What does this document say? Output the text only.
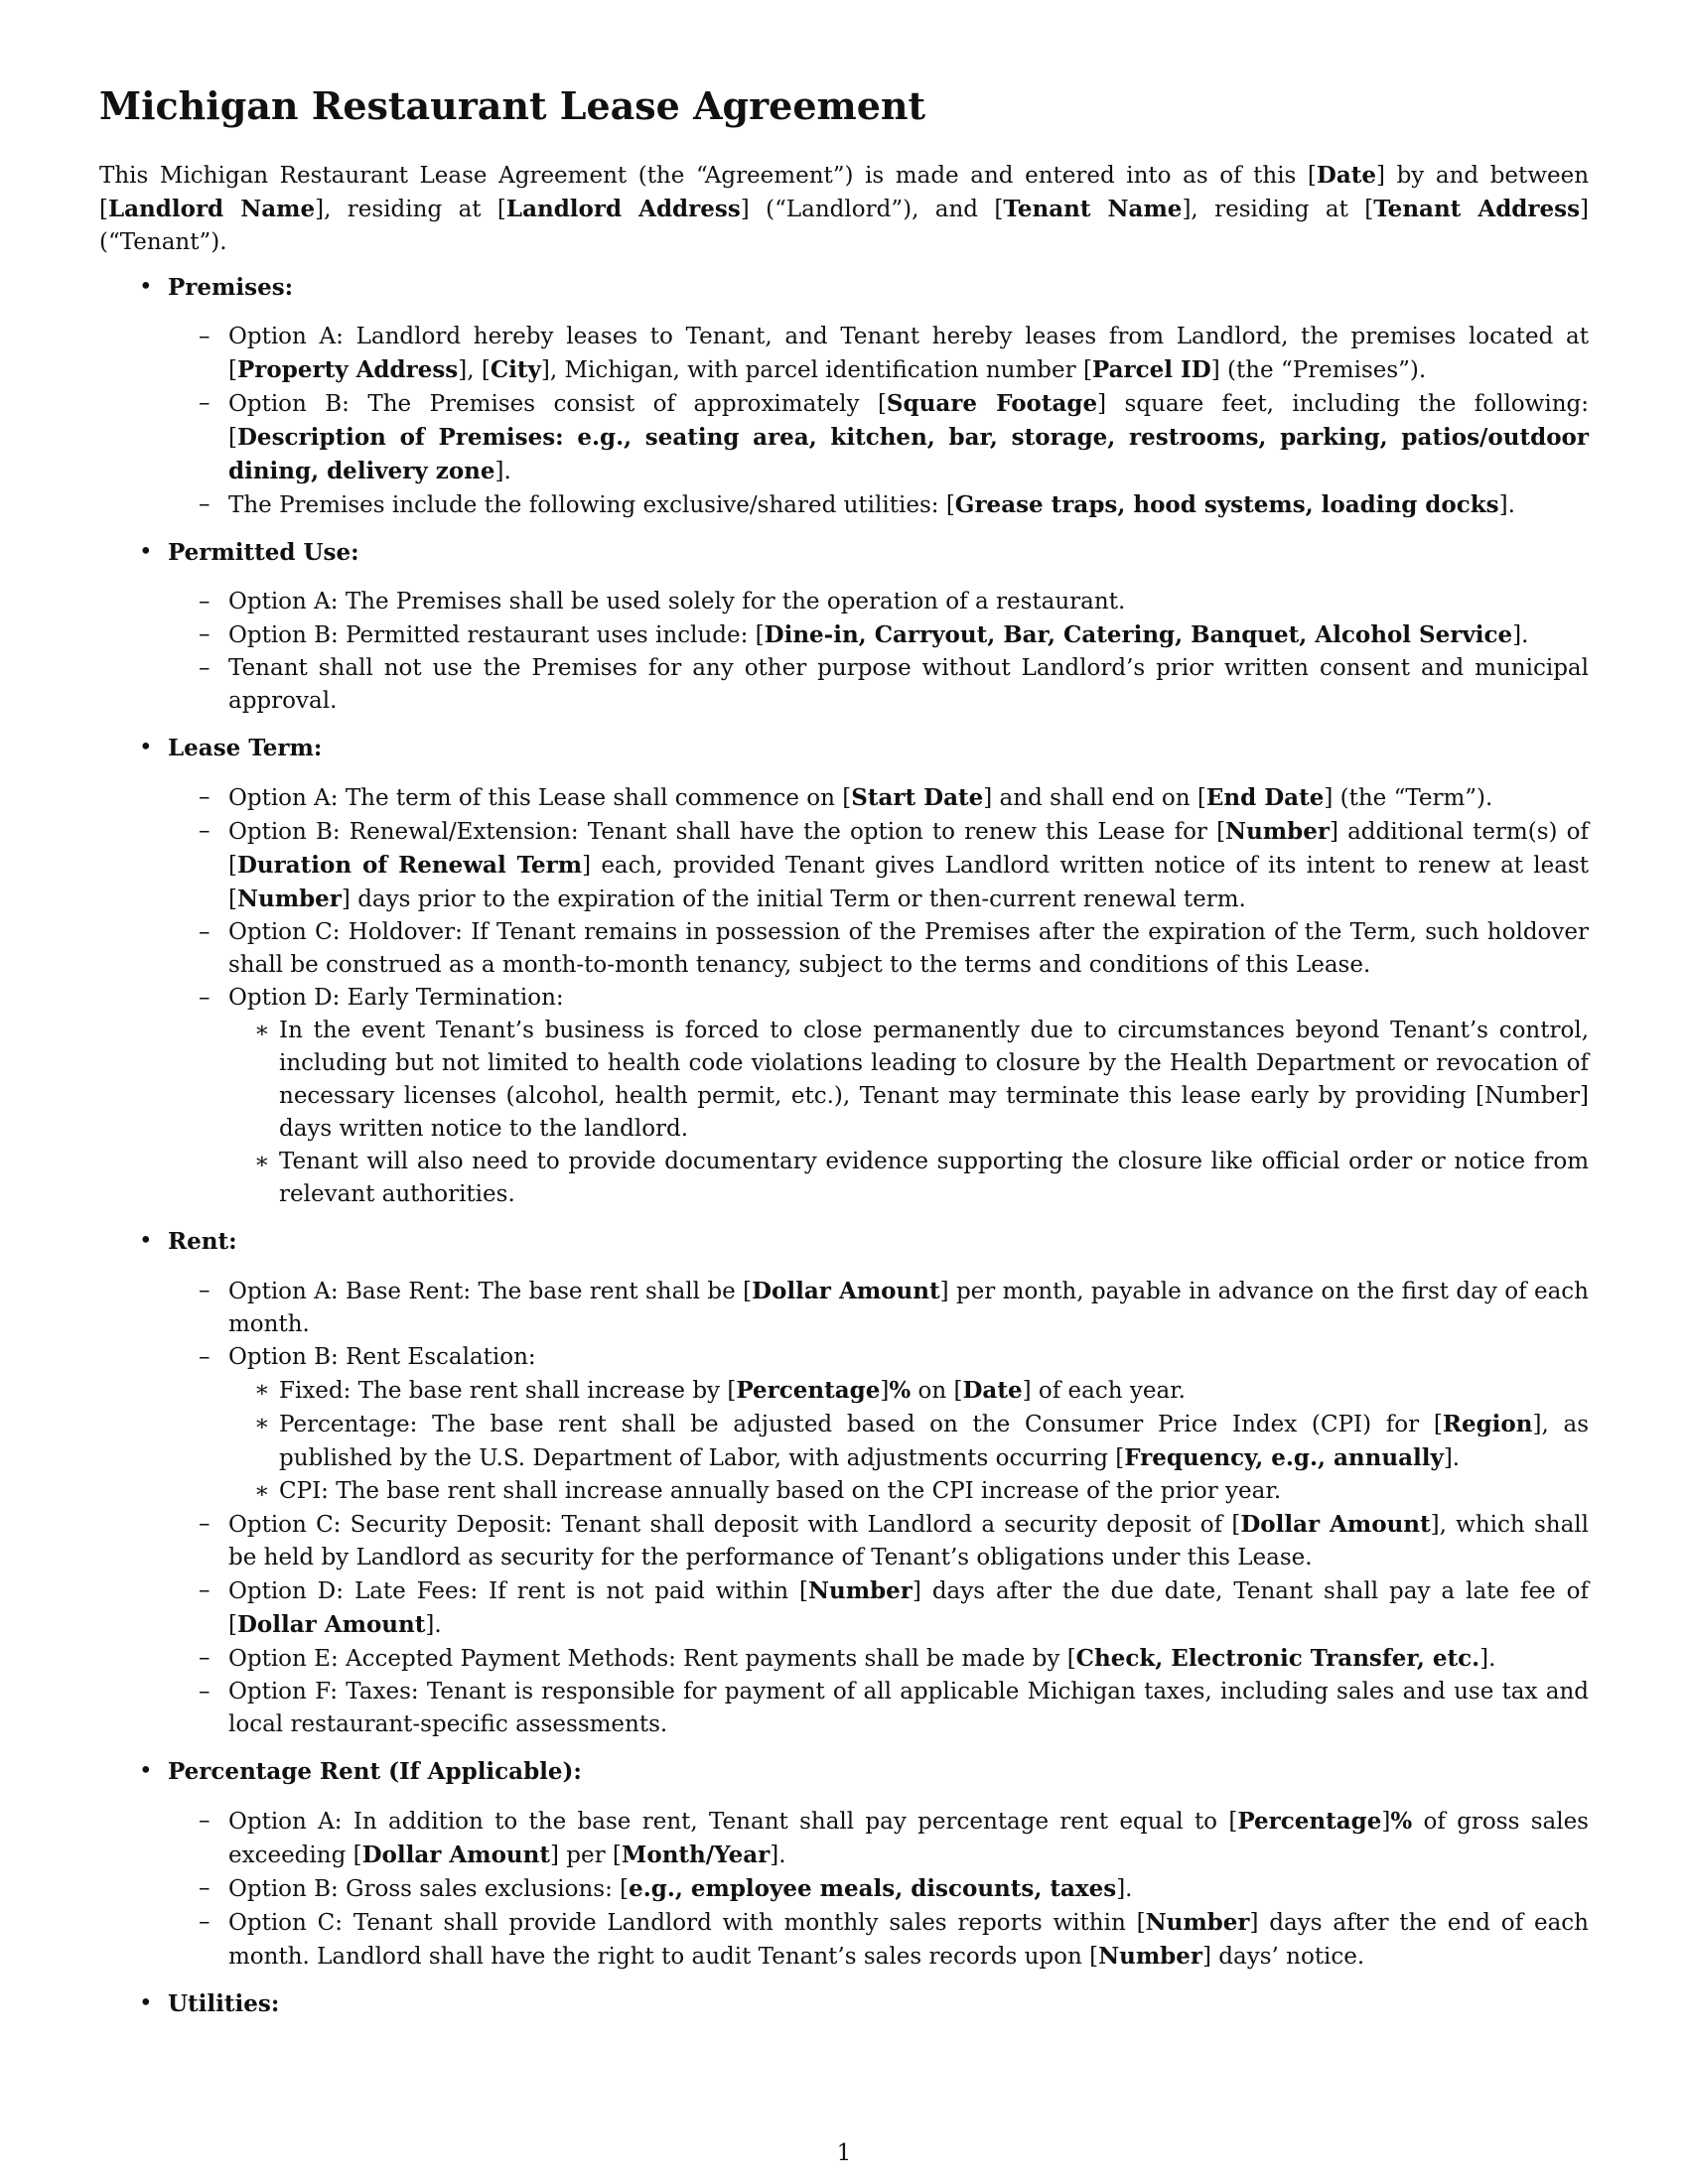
Michigan Restaurant Lease Agreement

This Michigan Restaurant Lease Agreement (the “Agreement”) is made and entered into as of this [Date] by and between [Landlord Name], residing at [Landlord Address] (“Landlord”), and [Tenant Name], residing at [Tenant Address] (“Tenant”).

• Premises:
– Option A: Landlord hereby leases to Tenant, and Tenant hereby leases from Landlord, the premises located at [Property Address], [City], Michigan, with parcel identification number [Parcel ID] (the “Premises”).
– Option B: The Premises consist of approximately [Square Footage] square feet, including the following: [Description of Premises: e.g., seating area, kitchen, bar, storage, restrooms, parking, patios/outdoor dining, delivery zone].
– The Premises include the following exclusive/shared utilities: [Grease traps, hood systems, loading docks].
• Permitted Use:
– Option A: The Premises shall be used solely for the operation of a restaurant.
– Option B: Permitted restaurant uses include: [Dine-in, Carryout, Bar, Catering, Banquet, Alcohol Service].
– Tenant shall not use the Premises for any other purpose without Landlord’s prior written consent and municipal approval.
• Lease Term:
– Option A: The term of this Lease shall commence on [Start Date] and shall end on [End Date] (the “Term”).
– Option B: Renewal/Extension: Tenant shall have the option to renew this Lease for [Number] additional term(s) of [Duration of Renewal Term] each, provided Tenant gives Landlord written notice of its intent to renew at least [Number] days prior to the expiration of the initial Term or then-current renewal term.
– Option C: Holdover: If Tenant remains in possession of the Premises after the expiration of the Term, such holdover shall be construed as a month-to-month tenancy, subject to the terms and conditions of this Lease.
– Option D: Early Termination:
∗ In the event Tenant’s business is forced to close permanently due to circumstances beyond Tenant’s control, including but not limited to health code violations leading to closure by the Health Department or revocation of necessary licenses (alcohol, health permit, etc.), Tenant may terminate this lease early by providing [Number] days written notice to the landlord.
∗ Tenant will also need to provide documentary evidence supporting the closure like official order or notice from relevant authorities.
• Rent:
– Option A: Base Rent: The base rent shall be [Dollar Amount] per month, payable in advance on the first day of each month.
– Option B: Rent Escalation:
∗ Fixed: The base rent shall increase by [Percentage]% on [Date] of each year.
∗ Percentage: The base rent shall be adjusted based on the Consumer Price Index (CPI) for [Region], as published by the U.S. Department of Labor, with adjustments occurring [Frequency, e.g., annually].
∗ CPI: The base rent shall increase annually based on the CPI increase of the prior year.
– Option C: Security Deposit: Tenant shall deposit with Landlord a security deposit of [Dollar Amount], which shall be held by Landlord as security for the performance of Tenant’s obligations under this Lease.
– Option D: Late Fees: If rent is not paid within [Number] days after the due date, Tenant shall pay a late fee of [Dollar Amount].
– Option E: Accepted Payment Methods: Rent payments shall be made by [Check, Electronic Transfer, etc.].
– Option F: Taxes: Tenant is responsible for payment of all applicable Michigan taxes, including sales and use tax and local restaurant-specific assessments.
• Percentage Rent (If Applicable):
– Option A: In addition to the base rent, Tenant shall pay percentage rent equal to [Percentage]% of gross sales exceeding [Dollar Amount] per [Month/Year].
– Option B: Gross sales exclusions: [e.g., employee meals, discounts, taxes].
– Option C: Tenant shall provide Landlord with monthly sales reports within [Number] days after the end of each month. Landlord shall have the right to audit Tenant’s sales records upon [Number] days’ notice.
• Utilities:
1
